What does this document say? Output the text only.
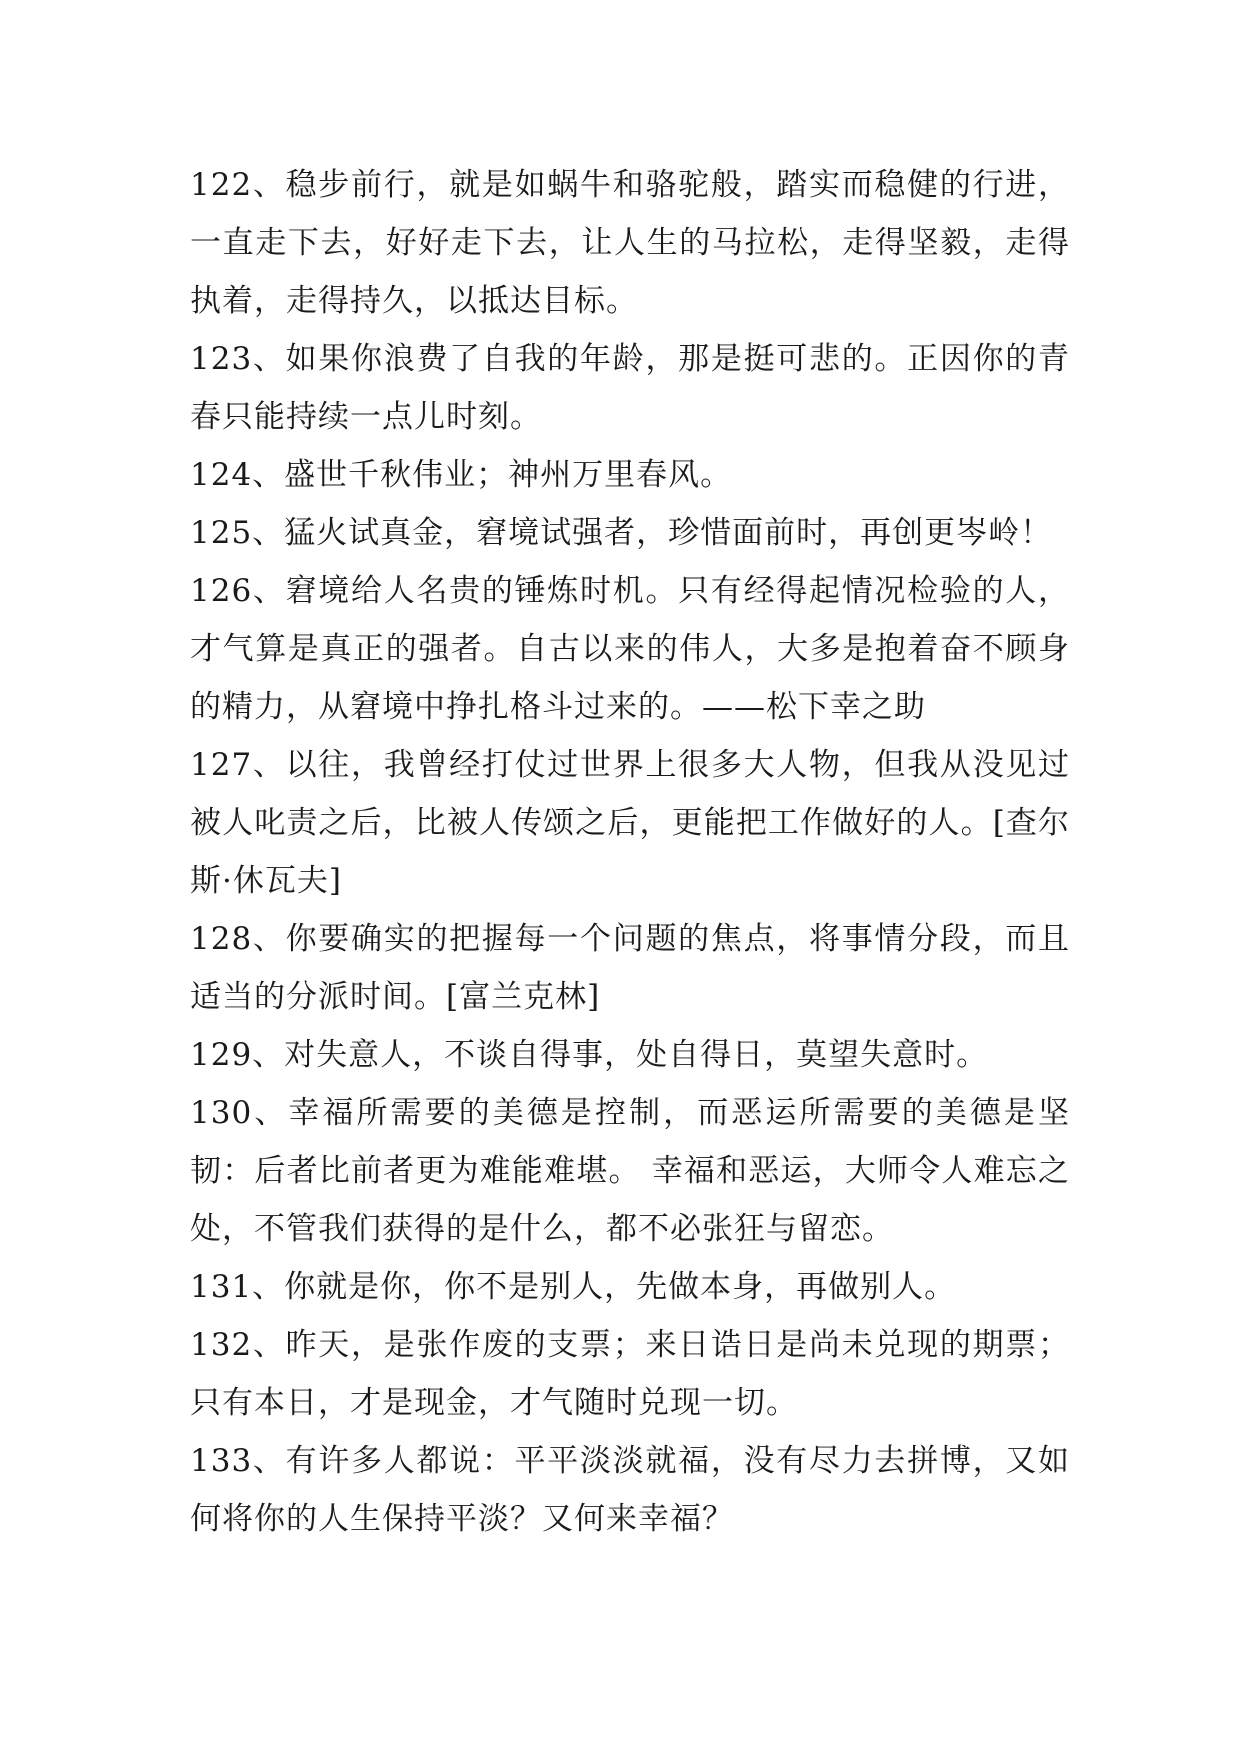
122、稳步前行，就是如蜗牛和骆驼般，踏实而稳健的行进，一直走下去，好好走下去，让人生的马拉松，走得坚毅，走得执着，走得持久，以抵达目标。

123、如果你浪费了自我的年龄，那是挺可悲的。正因你的青春只能持续一点儿时刻。

124、盛世千秋伟业；神州万里春风。

125、猛火试真金，窘境试强者，珍惜面前时，再创更岑岭！

126、窘境给人名贵的锤炼时机。只有经得起情况检验的人，才气算是真正的强者。自古以来的伟人，大多是抱着奋不顾身的精力，从窘境中挣扎格斗过来的。——松下幸之助

127、以往，我曾经打仗过世界上很多大人物，但我从没见过被人叱责之后，比被人传颂之后，更能把工作做好的人。[查尔斯·休瓦夫]

128、你要确实的把握每一个问题的焦点，将事情分段，而且适当的分派时间。[富兰克林]

129、对失意人，不谈自得事，处自得日，莫望失意时。

130、幸福所需要的美德是控制，而恶运所需要的美德是坚韧：后者比前者更为难能难堪。 幸福和恶运，大师令人难忘之处，不管我们获得的是什么，都不必张狂与留恋。

131、你就是你，你不是别人，先做本身，再做别人。

132、昨天，是张作废的支票；来日诰日是尚未兑现的期票；只有本日，才是现金，才气随时兑现一切。

133、有许多人都说：平平淡淡就福，没有尽力去拼博，又如何将你的人生保持平淡？又何来幸福？
